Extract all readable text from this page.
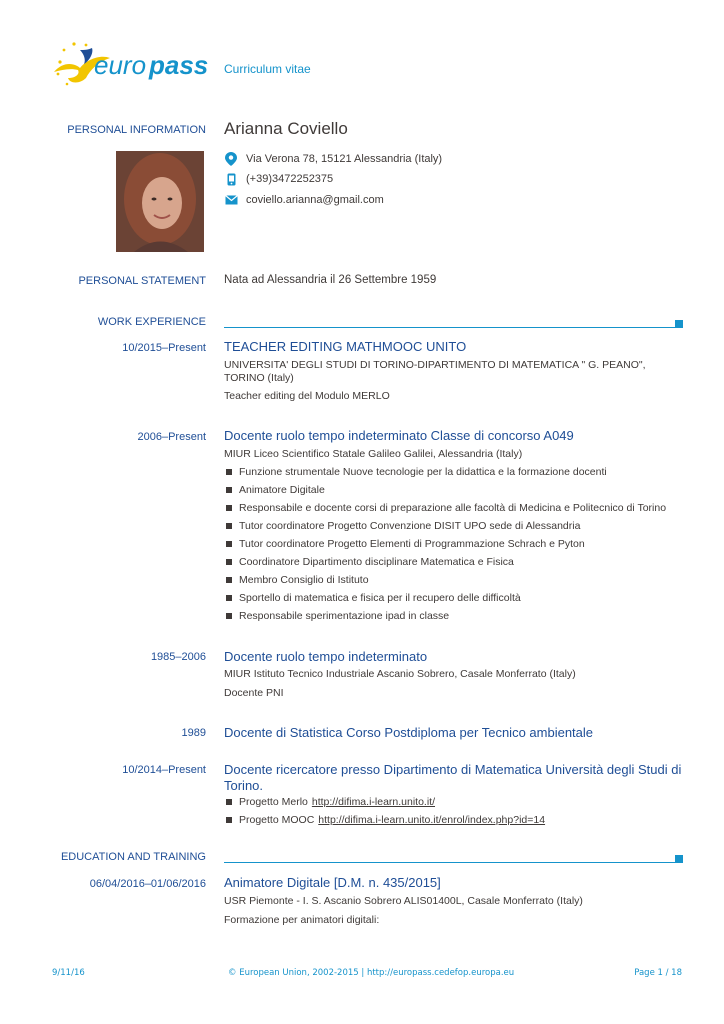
euro pass Curriculum vitae
PERSONAL INFORMATION Arianna Coviello
Via Verona 78, 15121 Alessandria (Italy)
(+39)3472252375
coviello.arianna@gmail.com
PERSONAL STATEMENT Nata ad Alessandria il 26 Settembre 1959
WORK EXPERIENCE
10/2015–Present TEACHER EDITING MATHMOOC UNITO
UNIVERSITA' DEGLI STUDI DI TORINO-DIPARTIMENTO DI MATEMATICA " G. PEANO", TORINO (Italy)
Teacher editing del Modulo MERLO
2006–Present Docente ruolo tempo indeterminato Classe di concorso A049
MIUR Liceo Scientifico Statale Galileo Galilei, Alessandria (Italy)
Funzione strumentale Nuove tecnologie per la didattica e la formazione docenti
Animatore Digitale
Responsabile e docente corsi di preparazione alle facoltà di Medicina e Politecnico di Torino
Tutor coordinatore Progetto Convenzione DISIT UPO sede di Alessandria
Tutor coordinatore Progetto Elementi di Programmazione Schrach e Pyton
Coordinatore Dipartimento disciplinare Matematica e Fisica
Membro Consiglio di Istituto
Sportello di matematica e fisica per il recupero delle difficoltà
Responsabile sperimentazione ipad in classe
1985–2006 Docente ruolo tempo indeterminato
MIUR Istituto Tecnico Industriale Ascanio Sobrero, Casale Monferrato (Italy)
Docente PNI
1989 Docente di Statistica Corso Postdiploma per Tecnico ambientale
10/2014–Present Docente ricercatore presso Dipartimento di Matematica Università degli Studi di
Torino.
Progetto Merlo http://difima.i-learn.unito.it/
Progetto MOOC http://difima.i-learn.unito.it/enrol/index.php?id=14
EDUCATION AND TRAINING
06/04/2016–01/06/2016 Animatore Digitale [D.M. n. 435/2015]
USR Piemonte - I. S. Ascanio Sobrero ALIS01400L, Casale Monferrato (Italy)
Formazione per animatori digitali:
9/11/16	© European Union, 2002-2015 | http://europass.cedefop.europa.eu	Page 1 / 18
